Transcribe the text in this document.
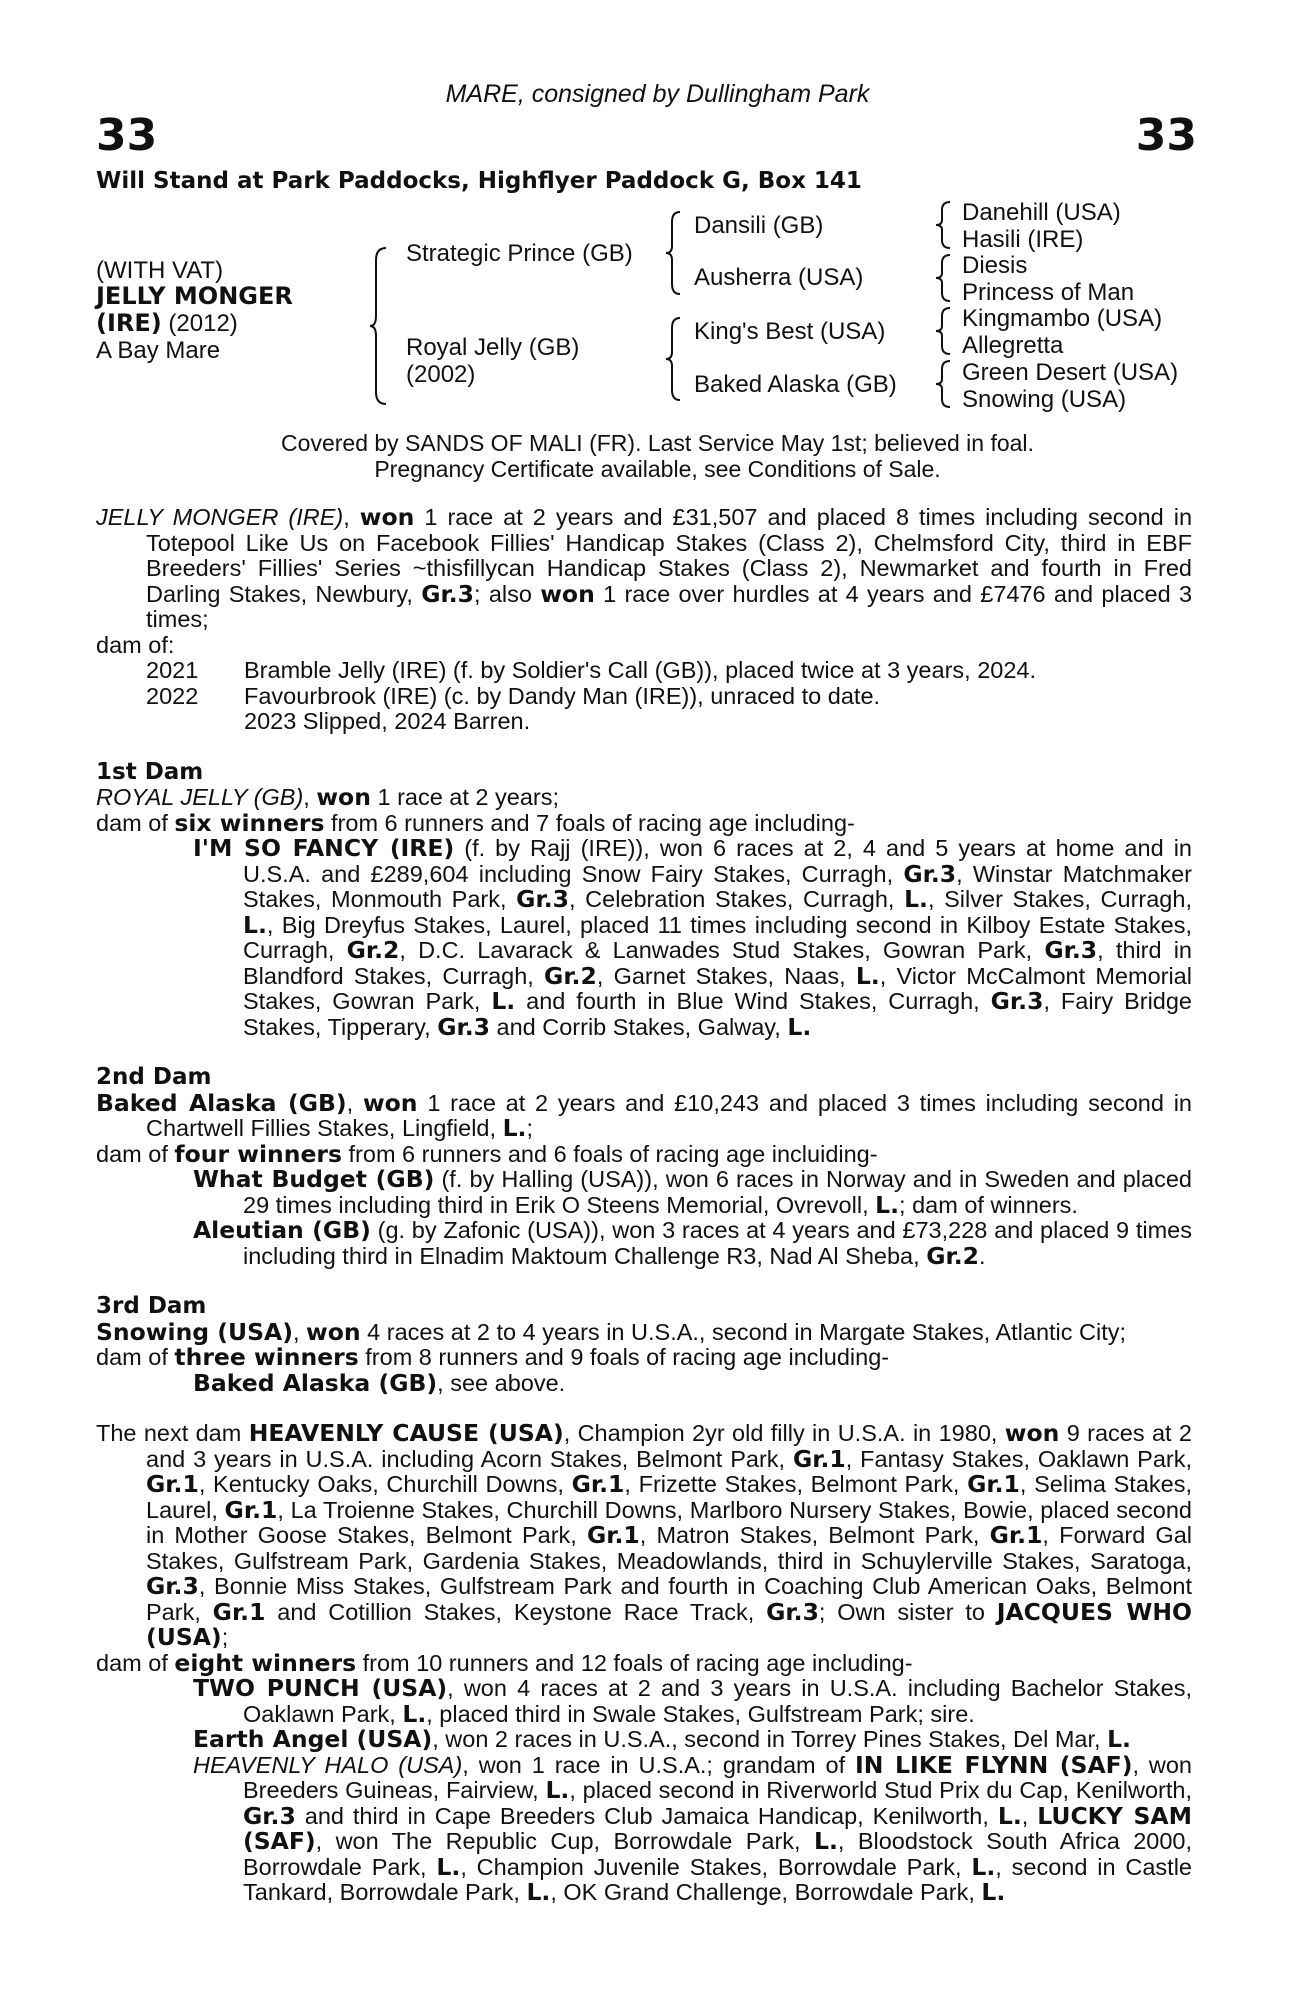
33	33
MARE, consigned by Dullingham Park
Will Stand at Park Paddocks, Highflyer Paddock G, Box 141
(WITH VAT)
JELLY MONGER
(IRE) (2012)
A Bay Mare
Strategic Prince (GB)
Royal Jelly (GB)
(2002)
Dansili (GB)
Ausherra (USA)
King's Best (USA)
Baked Alaska (GB)
Danehill (USA)
Hasili (IRE)
Diesis
Princess of Man
Kingmambo (USA)
Allegretta
Green Desert (USA)
Snowing (USA)
Covered by SANDS OF MALI (FR). Last Service May 1st; believed in foal.
Pregnancy Certificate available, see Conditions of Sale.

JELLY MONGER (IRE), won 1 race at 2 years and £31,507 and placed 8 times including second in Totepool Like Us on Facebook Fillies' Handicap Stakes (Class 2), Chelmsford City, third in EBF Breeders' Fillies' Series ~thisfillycan Handicap Stakes (Class 2), Newmarket and fourth in Fred Darling Stakes, Newbury, Gr.3; also won 1 race over hurdles at 4 years and £7476 and placed 3 times;

dam of:
2021	Bramble Jelly (IRE) (f. by Soldier's Call (GB)), placed twice at 3 years, 2024.
2022	Favourbrook (IRE) (c. by Dandy Man (IRE)), unraced to date.
2023 Slipped, 2024 Barren.
1st Dam

ROYAL JELLY (GB), won 1 race at 2 years;

dam of six winners from 6 runners and 7 foals of racing age including-

I'M SO FANCY (IRE) (f. by Rajj (IRE)), won 6 races at 2, 4 and 5 years at home and in U.S.A. and £289,604 including Snow Fairy Stakes, Curragh, Gr.3, Winstar Matchmaker Stakes, Monmouth Park, Gr.3, Celebration Stakes, Curragh, L., Silver Stakes, Curragh, L., Big Dreyfus Stakes, Laurel, placed 11 times including second in Kilboy Estate Stakes, Curragh, Gr.2, D.C. Lavarack & Lanwades Stud Stakes, Gowran Park, Gr.3, third in Blandford Stakes, Curragh, Gr.2, Garnet Stakes, Naas, L., Victor McCalmont Memorial Stakes, Gowran Park, L. and fourth in Blue Wind Stakes, Curragh, Gr.3, Fairy Bridge Stakes, Tipperary, Gr.3 and Corrib Stakes, Galway, L.

2nd Dam

Baked Alaska (GB), won 1 race at 2 years and £10,243 and placed 3 times including second in Chartwell Fillies Stakes, Lingfield, L.;

dam of four winners from 6 runners and 6 foals of racing age incluiding-

What Budget (GB) (f. by Halling (USA)), won 6 races in Norway and in Sweden and placed 29 times including third in Erik O Steens Memorial, Ovrevoll, L.; dam of winners.

Aleutian (GB) (g. by Zafonic (USA)), won 3 races at 4 years and £73,228 and placed 9 times including third in Elnadim Maktoum Challenge R3, Nad Al Sheba, Gr.2.

3rd Dam

Snowing (USA), won 4 races at 2 to 4 years in U.S.A., second in Margate Stakes, Atlantic City;

dam of three winners from 8 runners and 9 foals of racing age including-

Baked Alaska (GB), see above.

The next dam HEAVENLY CAUSE (USA), Champion 2yr old filly in U.S.A. in 1980, won 9 races at 2 and 3 years in U.S.A. including Acorn Stakes, Belmont Park, Gr.1, Fantasy Stakes, Oaklawn Park, Gr.1, Kentucky Oaks, Churchill Downs, Gr.1, Frizette Stakes, Belmont Park, Gr.1, Selima Stakes, Laurel, Gr.1, La Troienne Stakes, Churchill Downs, Marlboro Nursery Stakes, Bowie, placed second in Mother Goose Stakes, Belmont Park, Gr.1, Matron Stakes, Belmont Park, Gr.1, Forward Gal Stakes, Gulfstream Park, Gardenia Stakes, Meadowlands, third in Schuylerville Stakes, Saratoga, Gr.3, Bonnie Miss Stakes, Gulfstream Park and fourth in Coaching Club American Oaks, Belmont Park, Gr.1 and Cotillion Stakes, Keystone Race Track, Gr.3; Own sister to JACQUES WHO (USA);

dam of eight winners from 10 runners and 12 foals of racing age including-

TWO PUNCH (USA), won 4 races at 2 and 3 years in U.S.A. including Bachelor Stakes, Oaklawn Park, L., placed third in Swale Stakes, Gulfstream Park; sire.

Earth Angel (USA), won 2 races in U.S.A., second in Torrey Pines Stakes, Del Mar, L.

HEAVENLY HALO (USA), won 1 race in U.S.A.; grandam of IN LIKE FLYNN (SAF), won Breeders Guineas, Fairview, L., placed second in Riverworld Stud Prix du Cap, Kenilworth, Gr.3 and third in Cape Breeders Club Jamaica Handicap, Kenilworth, L., LUCKY SAM (SAF), won The Republic Cup, Borrowdale Park, L., Bloodstock South Africa 2000, Borrowdale Park, L., Champion Juvenile Stakes, Borrowdale Park, L., second in Castle Tankard, Borrowdale Park, L., OK Grand Challenge, Borrowdale Park, L.
